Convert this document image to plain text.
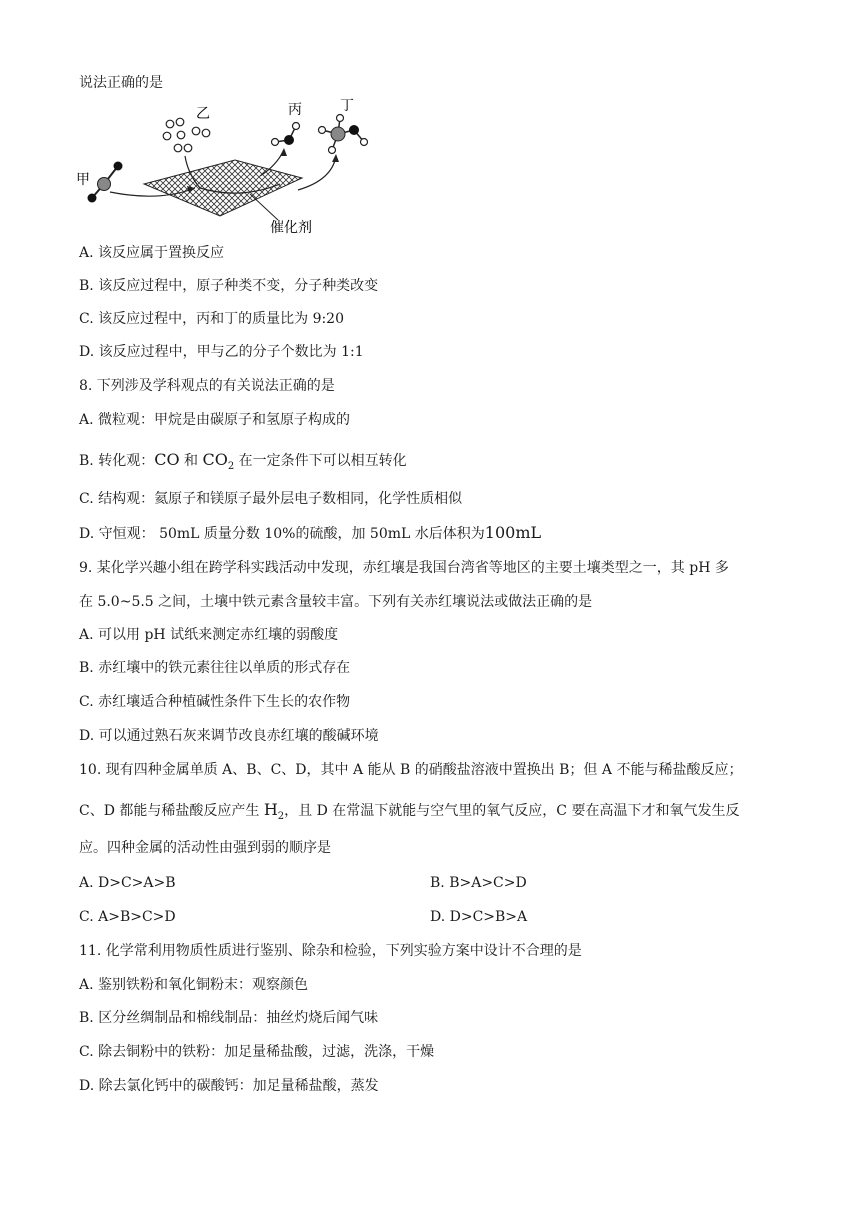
说法正确的是
催化剂
甲
乙	丙	丁
A. 该反应属于置换反应
B. 该反应过程中，原子种类不变，分子种类改变
C. 该反应过程中，丙和丁的质量比为 9:20
D. 该反应过程中，甲与乙的分子个数比为 1:1
8. 下列涉及学科观点的有关说法正确的是
A. 微粒观：甲烷是由碳原子和氢原子构成的
B. 转化观：CO 和 $CO_2$ 在一定条件下可以相互转化
C. 结构观：氦原子和镁原子最外层电子数相同，化学性质相似
D. 守恒观： 50mL 质量分数 10%的硫酸，加 50mL 水后体积为100mL
9. 某化学兴趣小组在跨学科实践活动中发现，赤红壤是我国台湾省等地区的主要土壤类型之一，其 pH 多
在 5.0~5.5 之间，土壤中铁元素含量较丰富。下列有关赤红壤说法或做法正确的是
A. 可以用 pH 试纸来测定赤红壤的弱酸度
B. 赤红壤中的铁元素往往以单质的形式存在
C. 赤红壤适合种植碱性条件下生长的农作物
D. 可以通过熟石灰来调节改良赤红壤的酸碱环境
10. 现有四种金属单质 A、B、C、D，其中 A 能从 B 的硝酸盐溶液中置换出 B；但 A 不能与稀盐酸反应；
C、D 都能与稀盐酸反应产生 $H_2$，且 D 在常温下就能与空气里的氧气反应，C 要在高温下才和氧气发生反
应。四种金属的活动性由强到弱的顺序是
A. D>C>A>B	B. B>A>C>D
C. A>B>C>D	D. D>C>B>A
11. 化学常利用物质性质进行鉴别、除杂和检验，下列实验方案中设计不合理的是
A. 鉴别铁粉和氧化铜粉末：观察颜色
B. 区分丝绸制品和棉线制品：抽丝灼烧后闻气味
C. 除去铜粉中的铁粉：加足量稀盐酸，过滤，洗涤，干燥
D. 除去氯化钙中的碳酸钙：加足量稀盐酸，蒸发
